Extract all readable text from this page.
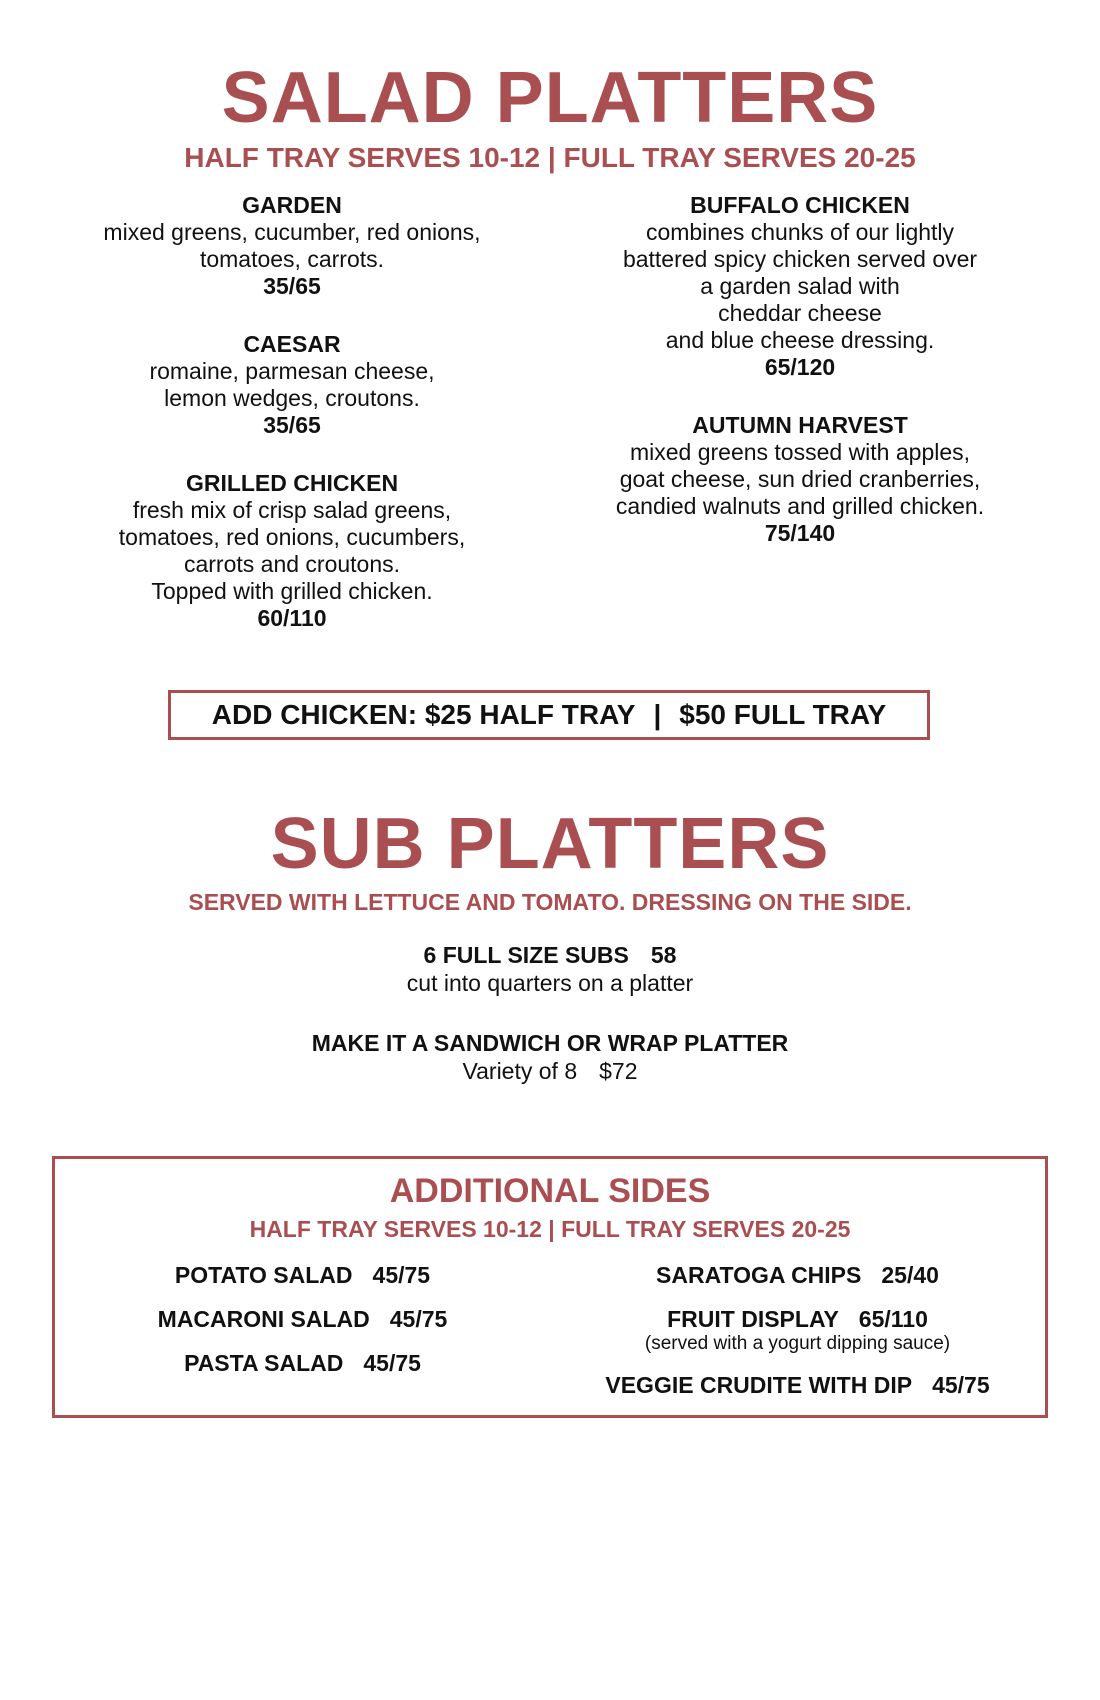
SALAD PLATTERS
HALF TRAY SERVES 10-12 | FULL TRAY SERVES 20-25
GARDEN
mixed greens, cucumber, red onions,
tomatoes, carrots.
35/65
CAESAR
romaine, parmesan cheese,
lemon wedges, croutons.
35/65
GRILLED CHICKEN
fresh mix of crisp salad greens,
tomatoes, red onions, cucumbers,
carrots and croutons.
Topped with grilled chicken.
60/110
BUFFALO CHICKEN
combines chunks of our lightly
battered spicy chicken served over
a garden salad with
cheddar cheese
and blue cheese dressing.
65/120
AUTUMN HARVEST
mixed greens tossed with apples,
goat cheese, sun dried cranberries,
candied walnuts and grilled chicken.
75/140
ADD CHICKEN: $25 HALF TRAY | $50 FULL TRAY
SUB PLATTERS
SERVED WITH LETTUCE AND TOMATO. DRESSING ON THE SIDE.
6 FULL SIZE SUBS 58
cut into quarters on a platter
MAKE IT A SANDWICH OR WRAP PLATTER
Variety of 8 $72
ADDITIONAL SIDES
HALF TRAY SERVES 10-12 | FULL TRAY SERVES 20-25
POTATO SALAD 45/75
MACARONI SALAD 45/75
PASTA SALAD 45/75
SARATOGA CHIPS 25/40
FRUIT DISPLAY 65/110
(served with a yogurt dipping sauce)
VEGGIE CRUDITE WITH DIP 45/75
